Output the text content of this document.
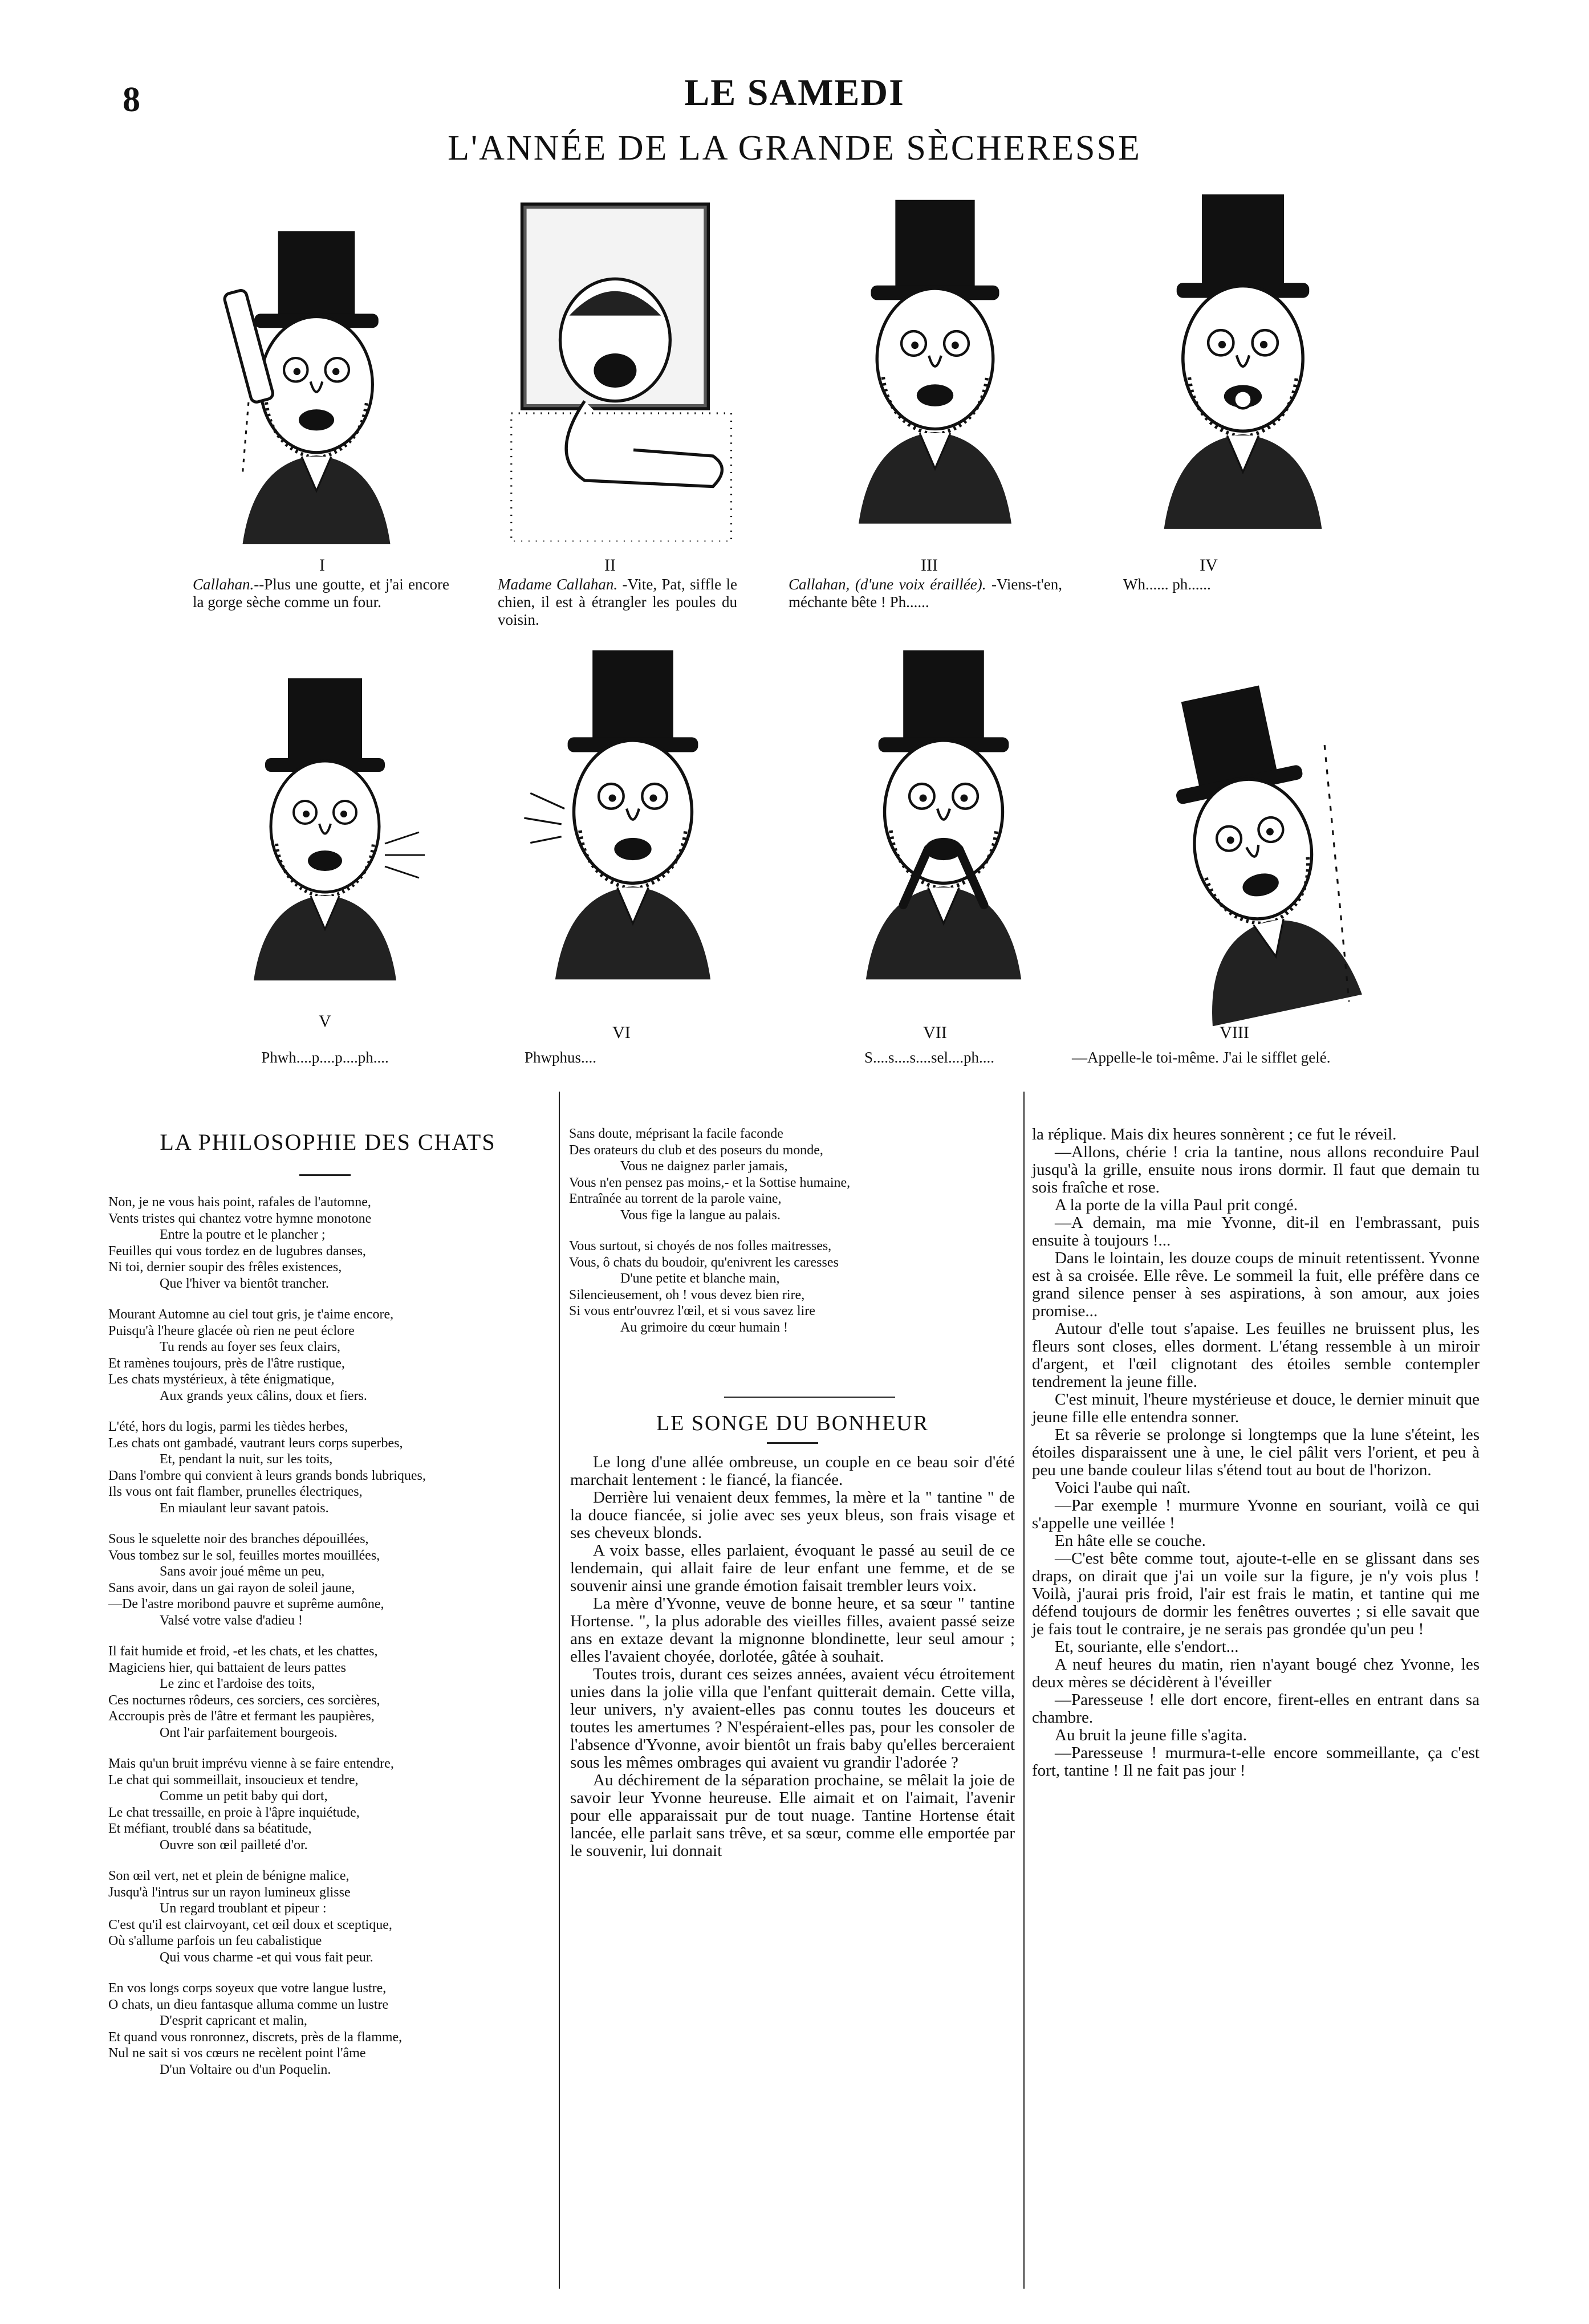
8	LE SAMEDI
L'ANNÉE DE LA GRANDE SÈCHERESSE
I
Callahan.--Plus une goutte, et j'ai encore la gorge sèche comme un four.
II
Madame Callahan. -Vite, Pat, siffle le chien, il est à étrangler les poules du voisin.
III
Callahan, (d'une voix éraillée). -Viens-t'en, méchante bête ! Ph......
IV
Wh...... ph......
V
Phwh....p....p....ph....
VI
Phwphus....
VII
S....s....s....sel....ph....
VIII
—Appelle-le toi-même. J'ai le sifflet gelé.
LA PHILOSOPHIE DES CHATS
Non, je ne vous hais point, rafales de l'automne,
Vents tristes qui chantez votre hymne monotone
Entre la poutre et le plancher ;
Feuilles qui vous tordez en de lugubres danses,
Ni toi, dernier soupir des frêles existences,
Que l'hiver va bientôt trancher.
Mourant Automne au ciel tout gris, je t'aime encore,
Puisqu'à l'heure glacée où rien ne peut éclore
Tu rends au foyer ses feux clairs,
Et ramènes toujours, près de l'âtre rustique,
Les chats mystérieux, à tête énigmatique,
Aux grands yeux câlins, doux et fiers.
L'été, hors du logis, parmi les tièdes herbes,
Les chats ont gambadé, vautrant leurs corps superbes,
Et, pendant la nuit, sur les toits,
Dans l'ombre qui convient à leurs grands bonds lubriques,
Ils vous ont fait flamber, prunelles électriques,
En miaulant leur savant patois.
Sous le squelette noir des branches dépouillées,
Vous tombez sur le sol, feuilles mortes mouillées,
Sans avoir joué même un peu,
Sans avoir, dans un gai rayon de soleil jaune,
—De l'astre moribond pauvre et suprême aumône,
Valsé votre valse d'adieu !
Il fait humide et froid, -et les chats, et les chattes,
Magiciens hier, qui battaient de leurs pattes
Le zinc et l'ardoise des toits,
Ces nocturnes rôdeurs, ces sorciers, ces sorcières,
Accroupis près de l'âtre et fermant les paupières,
Ont l'air parfaitement bourgeois.
Mais qu'un bruit imprévu vienne à se faire entendre,
Le chat qui sommeillait, insoucieux et tendre,
Comme un petit baby qui dort,
Le chat tressaille, en proie à l'âpre inquiétude,
Et méfiant, troublé dans sa béatitude,
Ouvre son œil pailleté d'or.
Son œil vert, net et plein de bénigne malice,
Jusqu'à l'intrus sur un rayon lumineux glisse
Un regard troublant et pipeur :
C'est qu'il est clairvoyant, cet œil doux et sceptique,
Où s'allume parfois un feu cabalistique
Qui vous charme -et qui vous fait peur.
En vos longs corps soyeux que votre langue lustre,
O chats, un dieu fantasque alluma comme un lustre
D'esprit capricant et malin,
Et quand vous ronronnez, discrets, près de la flamme,
Nul ne sait si vos cœurs ne recèlent point l'âme
D'un Voltaire ou d'un Poquelin.
Sans doute, méprisant la facile faconde
Des orateurs du club et des poseurs du monde,
Vous ne daignez parler jamais,
Vous n'en pensez pas moins,- et la Sottise humaine,
Entraînée au torrent de la parole vaine,
Vous fige la langue au palais.
Vous surtout, si choyés de nos folles maitresses,
Vous, ô chats du boudoir, qu'enivrent les caresses
D'une petite et blanche main,
Silencieusement, oh ! vous devez bien rire,
Si vous entr'ouvrez l'œil, et si vous savez lire
Au grimoire du cœur humain !
LE SONGE DU BONHEUR

Le long d'une allée ombreuse, un couple en ce beau soir d'été marchait lentement : le fiancé, la fiancée.

Derrière lui venaient deux femmes, la mère et la " tantine " de la douce fiancée, si jolie avec ses yeux bleus, son frais visage et ses cheveux blonds.

A voix basse, elles parlaient, évoquant le passé au seuil de ce lendemain, qui allait faire de leur enfant une femme, et de se souvenir ainsi une grande émotion faisait trembler leurs voix.

La mère d'Yvonne, veuve de bonne heure, et sa sœur " tantine Hortense. ", la plus adorable des vieilles filles, avaient passé seize ans en extaze devant la mignonne blondinette, leur seul amour ; elles l'avaient choyée, dorlotée, gâtée à souhait.

Toutes trois, durant ces seizes années, avaient vécu étroitement unies dans la jolie villa que l'enfant quitterait demain. Cette villa, leur univers, n'y avaient-elles pas connu toutes les douceurs et toutes les amertumes ? N'espéraient-elles pas, pour les consoler de l'absence d'Yvonne, avoir bientôt un frais baby qu'elles berceraient sous les mêmes ombrages qui avaient vu grandir l'adorée ?

Au déchirement de la séparation prochaine, se mêlait la joie de savoir leur Yvonne heureuse. Elle aimait et on l'aimait, l'avenir pour elle apparaissait pur de tout nuage. Tantine Hortense était lancée, elle parlait sans trêve, et sa sœur, comme elle emportée par le souvenir, lui donnait

la réplique. Mais dix heures sonnèrent ; ce fut le réveil.

—Allons, chérie ! cria la tantine, nous allons reconduire Paul jusqu'à la grille, ensuite nous irons dormir. Il faut que demain tu sois fraîche et rose.

A la porte de la villa Paul prit congé.

—A demain, ma mie Yvonne, dit-il en l'embrassant, puis ensuite à toujours !...

Dans le lointain, les douze coups de minuit retentissent. Yvonne est à sa croisée. Elle rêve. Le sommeil la fuit, elle préfère dans ce grand silence penser à ses aspirations, à son amour, aux joies promise...

Autour d'elle tout s'apaise. Les feuilles ne bruissent plus, les fleurs sont closes, elles dorment. L'étang ressemble à un miroir d'argent, et l'œil clignotant des étoiles semble contempler tendrement la jeune fille.

C'est minuit, l'heure mystérieuse et douce, le dernier minuit que jeune fille elle entendra sonner.

Et sa rêverie se prolonge si longtemps que la lune s'éteint, les étoiles disparaissent une à une, le ciel pâlit vers l'orient, et peu à peu une bande couleur lilas s'étend tout au bout de l'horizon.

Voici l'aube qui naît.

—Par exemple ! murmure Yvonne en souriant, voilà ce qui s'appelle une veillée !

En hâte elle se couche.

—C'est bête comme tout, ajoute-t-elle en se glissant dans ses draps, on dirait que j'ai un voile sur la figure, je n'y vois plus ! Voilà, j'aurai pris froid, l'air est frais le matin, et tantine qui me défend toujours de dormir les fenêtres ouvertes ; si elle savait que je fais tout le contraire, je ne serais pas grondée qu'un peu !

Et, souriante, elle s'endort...

A neuf heures du matin, rien n'ayant bougé chez Yvonne, les deux mères se décidèrent à l'éveiller

—Paresseuse ! elle dort encore, firent-elles en entrant dans sa chambre.

Au bruit la jeune fille s'agita.

—Paresseuse ! murmura-t-elle encore sommeillante, ça c'est fort, tantine ! Il ne fait pas jour !
